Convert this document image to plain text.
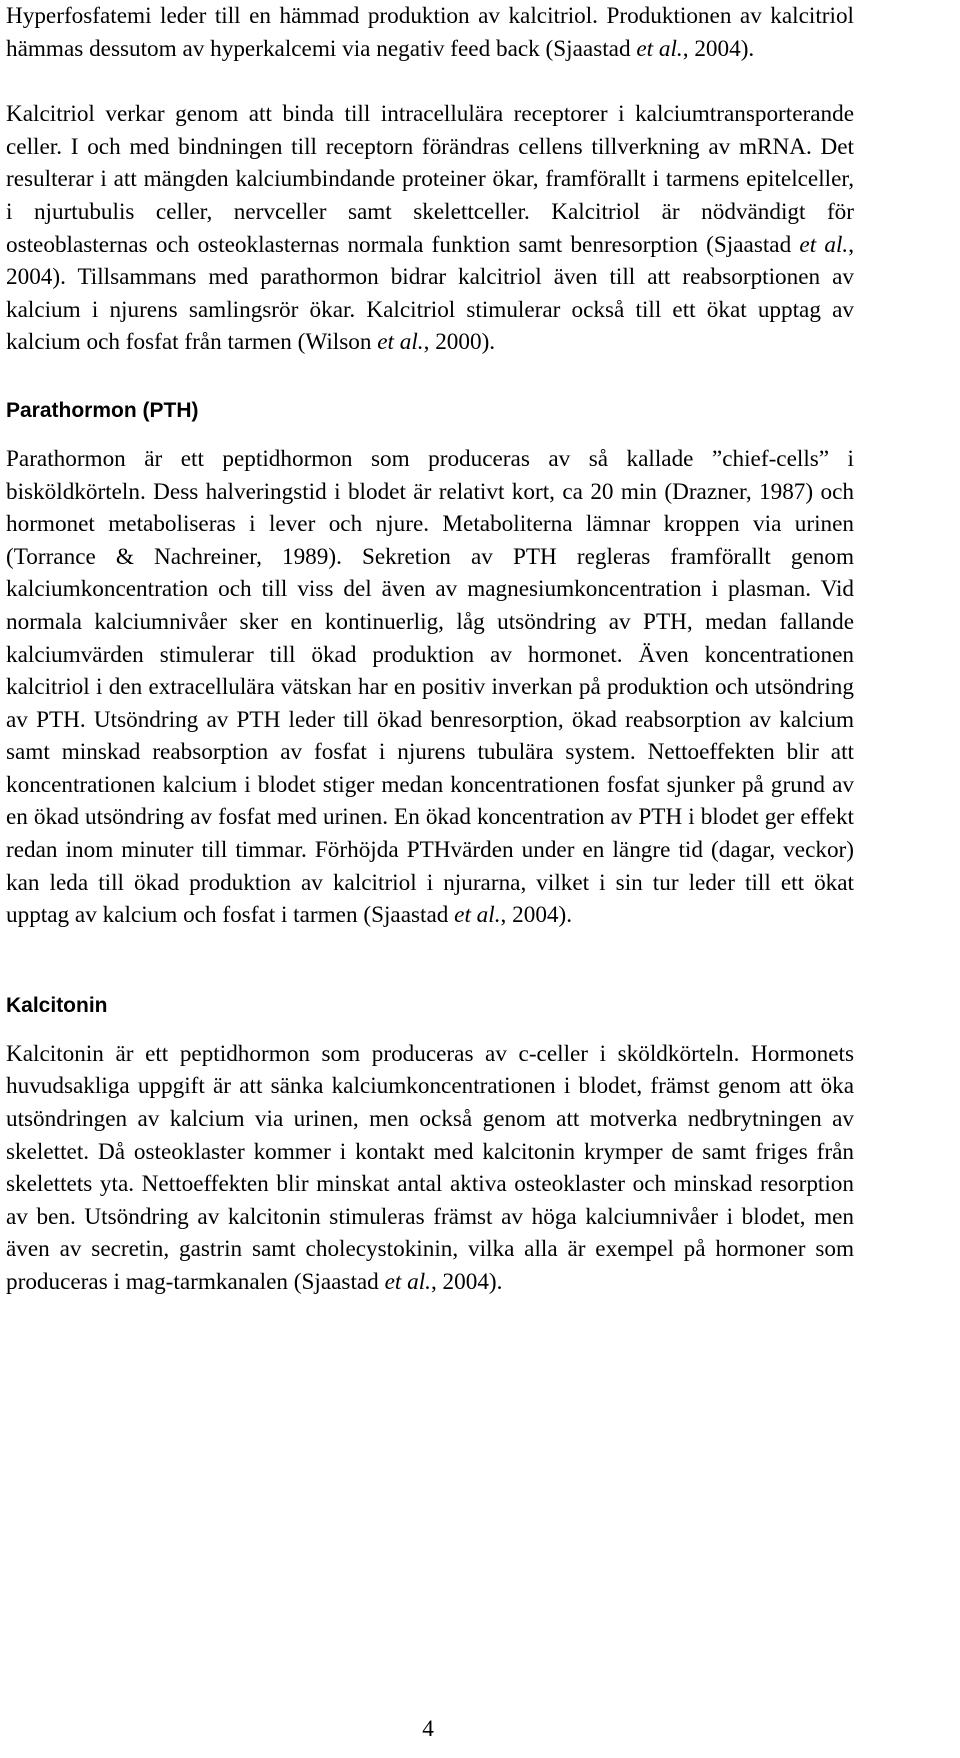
Hyperfosfatemi leder till en hämmad produktion av kalcitriol. Produktionen av kalcitriol hämmas dessutom av hyperkalcemi via negativ feed back (Sjaastad et al., 2004).

Kalcitriol verkar genom att binda till intracellulära receptorer i kalciumtransporterande celler. I och med bindningen till receptorn förändras cellens tillverkning av mRNA. Det resulterar i att mängden kalciumbindande proteiner ökar, framförallt i tarmens epitelceller, i njurtubulis celler, nervceller samt skelettceller. Kalcitriol är nödvändigt för osteoblasternas och osteoklasternas normala funktion samt benresorption (Sjaastad et al., 2004). Tillsammans med parathormon bidrar kalcitriol även till att reabsorptionen av kalcium i njurens samlingsrör ökar. Kalcitriol stimulerar också till ett ökat upptag av kalcium och fosfat från tarmen (Wilson et al., 2000).

Parathormon (PTH)

Parathormon är ett peptidhormon som produceras av så kallade ”chief-cells” i bisköldkörteln. Dess halveringstid i blodet är relativt kort, ca 20 min (Drazner, 1987) och hormonet metaboliseras i lever och njure. Metaboliterna lämnar kroppen via urinen (Torrance & Nachreiner, 1989). Sekretion av PTH regleras framförallt genom kalciumkoncentration och till viss del även av magnesiumkoncentration i plasman. Vid normala kalciumnivåer sker en kontinuerlig, låg utsöndring av PTH, medan fallande kalciumvärden stimulerar till ökad produktion av hormonet. Även koncentrationen kalcitriol i den extracellulära vätskan har en positiv inverkan på produktion och utsöndring av PTH. Utsöndring av PTH leder till ökad benresorption, ökad reabsorption av kalcium samt minskad reabsorption av fosfat i njurens tubulära system. Nettoeffekten blir att koncentrationen kalcium i blodet stiger medan koncentrationen fosfat sjunker på grund av en ökad utsöndring av fosfat med urinen. En ökad koncentration av PTH i blodet ger effekt redan inom minuter till timmar. Förhöjda PTHvärden under en längre tid (dagar, veckor) kan leda till ökad produktion av kalcitriol i njurarna, vilket i sin tur leder till ett ökat upptag av kalcium och fosfat i tarmen (Sjaastad et al., 2004).

Kalcitonin

Kalcitonin är ett peptidhormon som produceras av c-celler i sköldkörteln. Hormonets huvudsakliga uppgift är att sänka kalciumkoncentrationen i blodet, främst genom att öka utsöndringen av kalcium via urinen, men också genom att motverka nedbrytningen av skelettet. Då osteoklaster kommer i kontakt med kalcitonin krymper de samt friges från skelettets yta. Nettoeffekten blir minskat antal aktiva osteoklaster och minskad resorption av ben. Utsöndring av kalcitonin stimuleras främst av höga kalciumnivåer i blodet, men även av secretin, gastrin samt cholecystokinin, vilka alla är exempel på hormoner som produceras i mag-tarmkanalen (Sjaastad et al., 2004).

4
